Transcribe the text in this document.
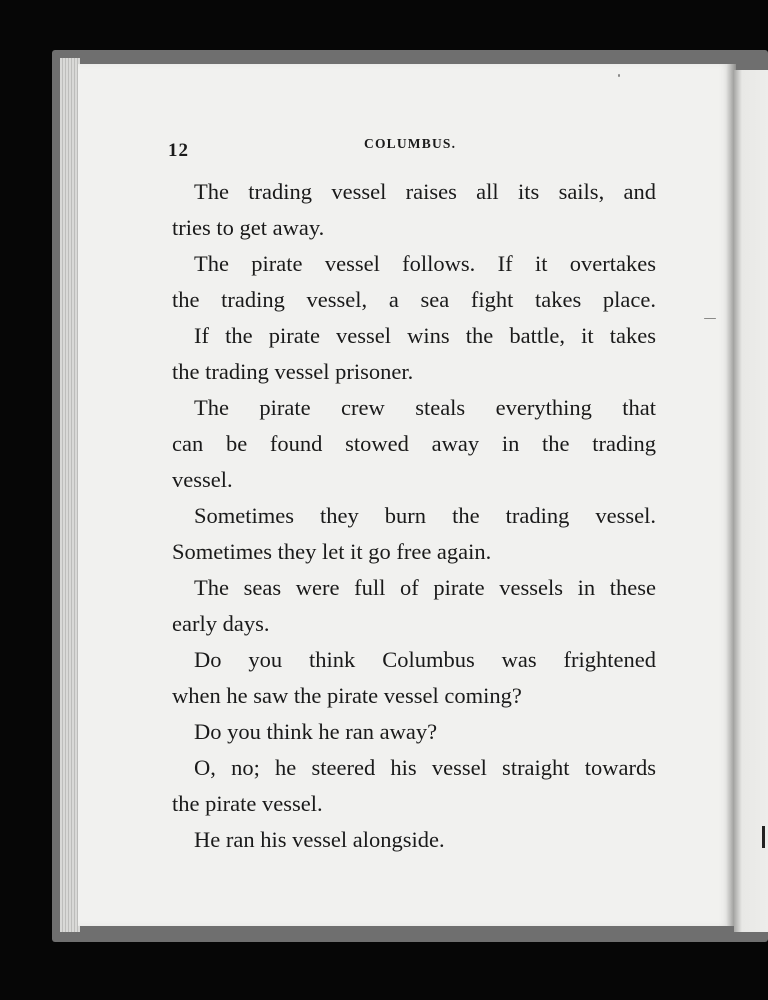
12	COLUMBUS.
The trading vessel raises all its sails, and
tries to get away.
The pirate vessel follows. If it overtakes
the trading vessel, a sea fight takes place.
If the pirate vessel wins the battle, it takes
the trading vessel prisoner.
The pirate crew steals everything that
can be found stowed away in the trading
vessel.
Sometimes they burn the trading vessel.
Sometimes they let it go free again.
The seas were full of pirate vessels in these
early days.
Do you think Columbus was frightened
when he saw the pirate vessel coming?
Do you think he ran away?
O, no; he steered his vessel straight towards
the pirate vessel.
He ran his vessel alongside.
